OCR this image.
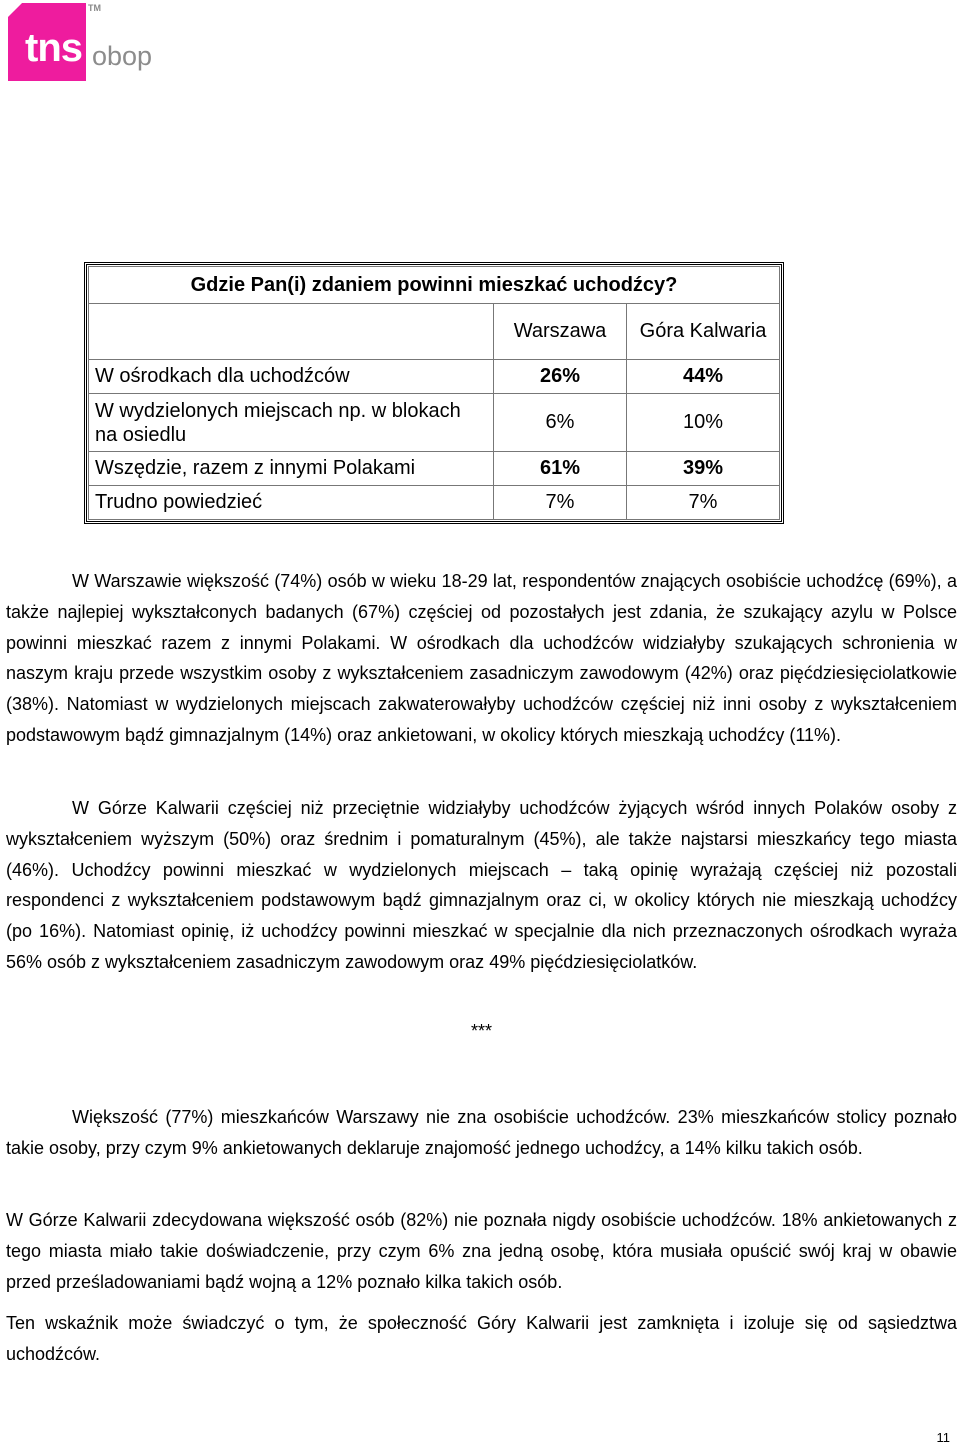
tns
TM
obop
Gdzie Pan(i) zdaniem powinni mieszkać uchodźcy?		
	Warszawa	Góra Kalwaria
W ośrodkach dla uchodźców	26%	44%
W wydzielonych miejscach np. w blokach na osiedlu	6%	10%
Wszędzie, razem z innymi Polakami	61%	39%
Trudno powiedzieć	7%	7%

W Warszawie większość (74%) osób w wieku 18-29 lat, respondentów znających osobiście uchodźcę (69%), a także najlepiej wykształconych badanych (67%) częściej od pozostałych jest zdania, że szukający azylu w Polsce powinni mieszkać razem z innymi Polakami. W ośrodkach dla uchodźców widziałyby szukających schronienia w naszym kraju przede wszystkim osoby z wykształceniem zasadniczym zawodowym (42%) oraz pięćdziesięciolatkowie (38%). Natomiast w wydzielonych miejscach zakwaterowałyby uchodźców częściej niż inni osoby z wykształceniem podstawowym bądź gimnazjalnym (14%) oraz ankietowani, w okolicy których mieszkają uchodźcy (11%).

W Górze Kalwarii częściej niż przeciętnie widziałyby uchodźców żyjących wśród innych Polaków osoby z wykształceniem wyższym (50%) oraz średnim i pomaturalnym (45%), ale także najstarsi mieszkańcy tego miasta (46%). Uchodźcy powinni mieszkać w wydzielonych miejscach – taką opinię wyrażają częściej niż pozostali respondenci z wykształceniem podstawowym bądź gimnazjalnym oraz ci, w okolicy których nie mieszkają uchodźcy (po 16%). Natomiast opinię, iż uchodźcy powinni mieszkać w specjalnie dla nich przeznaczonych ośrodkach wyraża 56% osób z wykształceniem zasadniczym zawodowym oraz 49% pięćdziesięciolatków.

***

Większość (77%) mieszkańców Warszawy nie zna osobiście uchodźców. 23% mieszkańców stolicy poznało takie osoby, przy czym 9% ankietowanych deklaruje znajomość jednego uchodźcy, a 14% kilku takich osób.

W Górze Kalwarii zdecydowana większość osób (82%) nie poznała nigdy osobiście uchodźców. 18% ankietowanych z tego miasta miało takie doświadczenie, przy czym 6% zna jedną osobę, która musiała opuścić swój kraj w obawie przed prześladowaniami bądź wojną a 12% poznało kilka takich osób.

Ten wskaźnik może świadczyć o tym, że społeczność Góry Kalwarii jest zamknięta i izoluje się od sąsiedztwa uchodźców.

11
